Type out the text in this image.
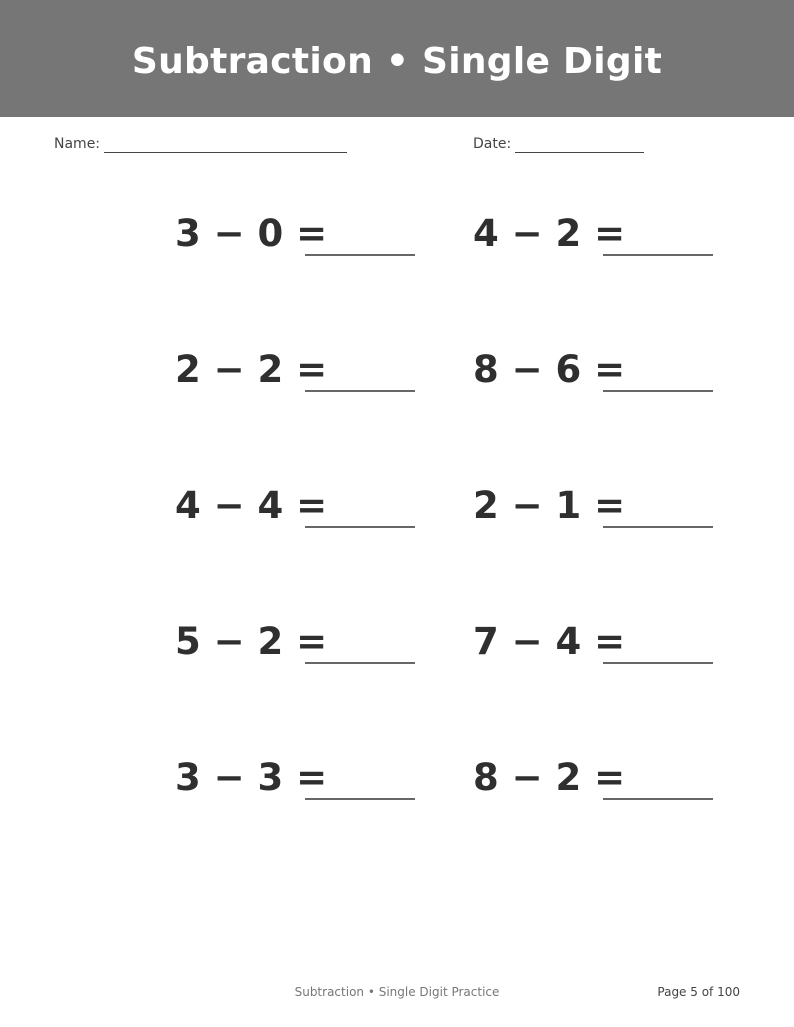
Subtraction • Single Digit
Name:	Date:
3 − 0 =	4 − 2 =
2 − 2 =	8 − 6 =
4 − 4 =	2 − 1 =
5 − 2 =	7 − 4 =
3 − 3 =	8 − 2 =
Subtraction • Single Digit Practice	Page 5 of 100
